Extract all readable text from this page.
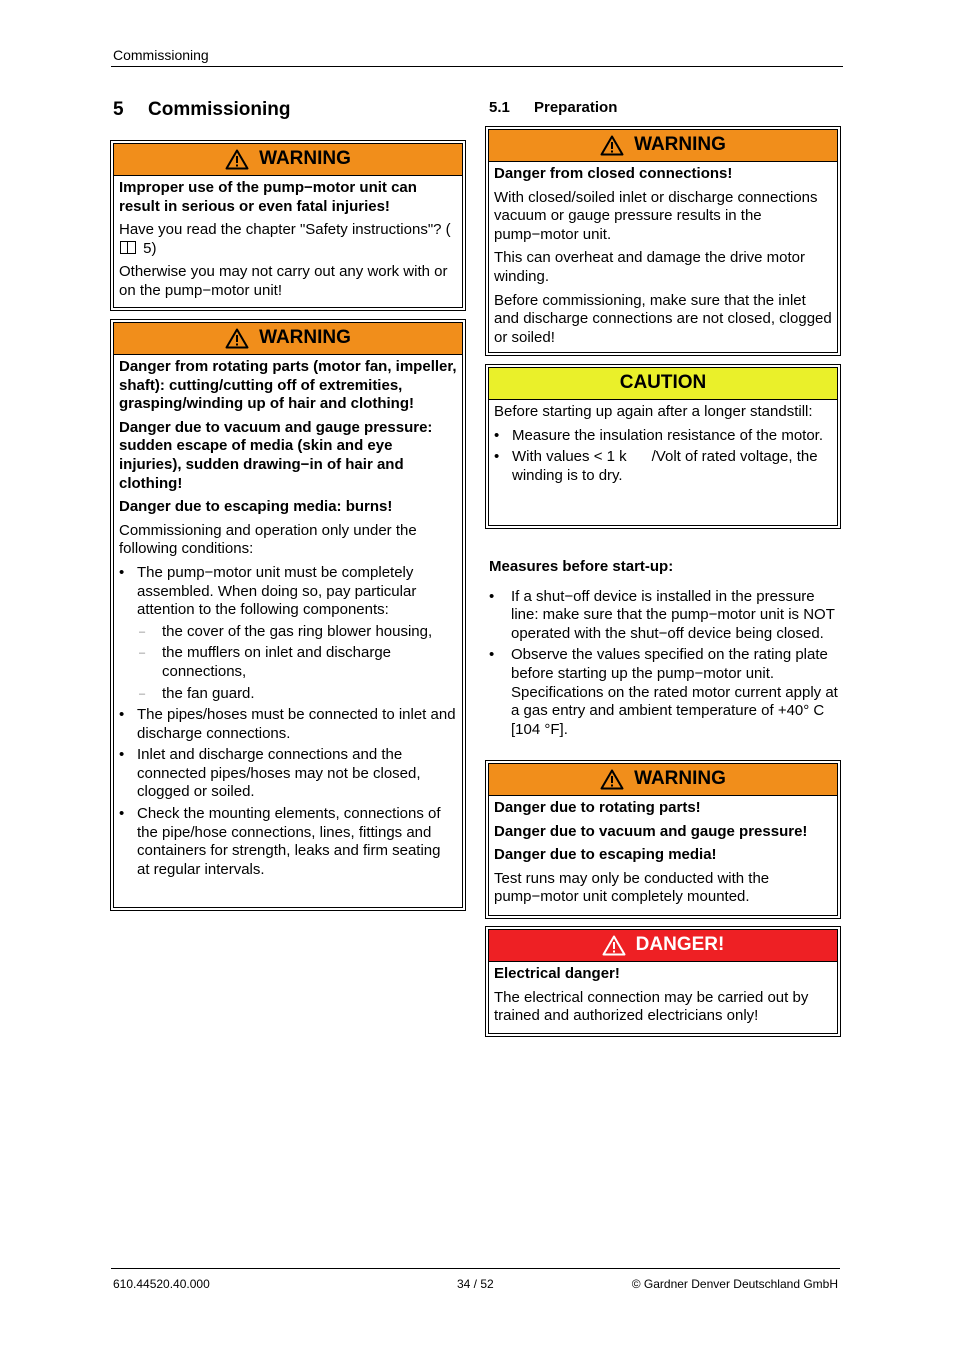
Commissioning
5 Commissioning	5.1 Preparation
WARNING

Improper use of the pump−motor unit can result in serious or even fatal injuries!

Have you read the chapter "Safety instructions"? ( 5)

Otherwise you may not carry out any work with or on the pump−motor unit!

WARNING

Danger from rotating parts (motor fan, impeller, shaft): cutting/cutting off of extremities, grasping/winding up of hair and clothing!

Danger due to vacuum and gauge pressure: sudden escape of media (skin and eye injuries), sudden drawing−in of hair and clothing!

Danger due to escaping media: burns!

Commissioning and operation only under the following conditions:

• The pump−motor unit must be completely assembled. When doing so, pay particular attention to the following components:
– the cover of the gas ring blower housing,
– the mufflers on inlet and discharge connections,
– the fan guard.
• The pipes/hoses must be connected to inlet and discharge connections.
• Inlet and discharge connections and the connected pipes/hoses may not be closed, clogged or soiled.
• Check the mounting elements, connections of the pipe/hose connections, lines, fittings and containers for strength, leaks and firm seating at regular intervals.
WARNING

Danger from closed connections!

With closed/soiled inlet or discharge connections vacuum or gauge pressure results in the pump−motor unit.

This can overheat and damage the drive motor winding.

Before commissioning, make sure that the inlet and discharge connections are not closed, clogged or soiled!

CAUTION

Before starting up again after a longer standstill:

• Measure the insulation resistance of the motor.
• With values < 1 k      /Volt of rated voltage, the winding is to dry.

Measures before start-up:

• If a shut−off device is installed in the pressure line: make sure that the pump−motor unit is NOT operated with the shut−off device being closed.
• Observe the values specified on the rating plate before starting up the pump−motor unit. Specifications on the rated motor current apply at a gas entry and ambient temperature of +40° C [104 °F].
WARNING

Danger due to rotating parts!

Danger due to vacuum and gauge pressure!

Danger due to escaping media!

Test runs may only be conducted with the pump−motor unit completely mounted.

DANGER!

Electrical danger!

The electrical connection may be carried out by trained and authorized electricians only!

610.44520.40.000	34 / 52	© Gardner Denver Deutschland GmbH
